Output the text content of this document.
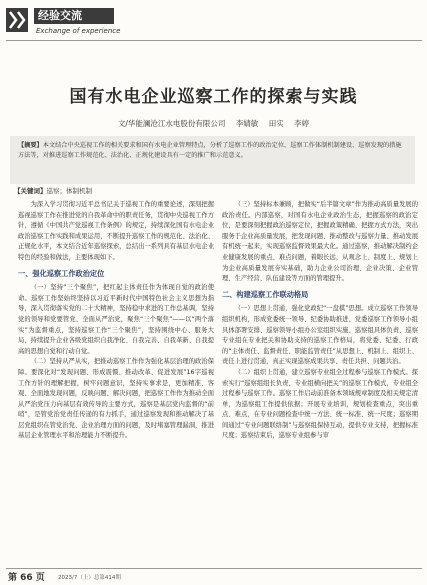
经验交流
Exchange of experience
国有水电企业巡察工作的探索与实践
文/华能澜沧江水电股份有限公司 李婧敏 田实 李婷
【摘要】本文结合中央巡视工作的相关要求和国有水电企业管理特点，分析了巡察工作的政治定位、巡察工作体制机制建设、巡察发现的措施方法等，对推进巡察工作规范化、法治化、正规化建设具有一定的推广和示范意义。
【关键词】巡察；体制机制

为深入学习贯彻习近平总书记关于巡视工作的重要论述，深刻把握巡视巡察工作在推进党的自我革命中的职责任务，贯彻中央巡视工作方针，遵循《中国共产党巡视工作条例》的规定，持续深化国有水电企业政治巡察工作实践和成果运用，不断提升巡察工作的规范化、法治化、正规化水平，本文结合近年巡察探索，总结出一系列具有基层水电企业特色的经验和做法，主要体现如下。

一、强化巡察工作政治定位

（一）坚持“三个聚焦”，把红起主体责任作为体现自觉的政治使命。巡察工作坚始终坚持以习近平新时代中国特色社会主义思想为指导，深入贯彻落实党的二十大精神，坚持稳中求进的工作总基调，坚持党的领导和党要管党、全面从严治党，聚焦“三个聚焦”——以“两个落实”为监督重点，坚持巡察工作“三个聚焦”，坚持围绕中心、服务大局，持续提升企业各级党组织自我净化、自我完善、自我革新、自我提高的思想自觉和行动自觉。

（二）坚持从严从实，把推动巡察工作作为强化基层治理的政治保障。要深化对“发现问题、形成震慑、推动改革、促进发展”16字巡视工作方针的理解把握，树牢问题意识，坚持实事求是，更加精准、客观、全面地发现问题，反映问题、解决问题，把巡察工作作为推动全面从严治党压力向基层有效传导的主要方式，巡察是基层党内监督的“前哨”，是管党治党责任传递的有力抓手，通过巡察发现和推动解决了基层党组织在管党治党、企业治理方面的问题，及时堵塞管理漏洞，推进基层企业管理水平和治理能力不断提升。

（三）坚持标本兼顾，把做实“后半篇文章”作为推动高质量发展的政治责任。内部巡察，对国有水电企业政治生态，把握巡察的政治定位，是要深刻把握政治巡察定位，把握政策精确、把握方式方法，突出服务于企业高质量发展，把发现问题、推动整改与巡察力量、推动发展有机统一起来，实现巡察监督效果最大化。通过巡察，推动解决制约企业健康发展的重点、难点问题，着眼长远，从观念上、制度上、规划上为企业高质量发展夯实基础，助力企业公司治理、企业决策、企业管理、生产经营、队伍建设等方面的管理提升。

二、构建巡察工作联动格局

（一）思想上贯通，强化党政纪“一盘棋”思想。成立巡察工作领导组织机构，形成党委统一领导、纪委协助推进、党委巡察工作领导小组具体部署安排、巡察领导小组办公室组织实施、巡察组具体负责、巡察专业组在专业把关和协助支持的巡察工作格局，将党委、纪委、行政的“主体责任、监督责任、职能监管责任”从思想上、机制上、组织上、责任上进行贯通，真正实现巡察成果共享、责任共担、问题共治。

（二）组织上贯通，建立巡察专业组全过程参与巡察工作模式。探索实行“巡察组组长负责、专业组横向把关”的巡察工作模式，专业组全过程参与巡察工作。巡察工作启动前准备本领域规章制度及相关规定清单，为巡察组工作提供依据；开展专业培训，规划检查重点，突出重点、难点，在专业问题检查中统一方法、统一标准、统一尺度；巡察期间通过“专业问题联络制”与巡察组保持互动，提供专业支持，把握标准尺度；巡察结束后，巡察专业组参与审

第 66 页 2023/7（上）总第414期
